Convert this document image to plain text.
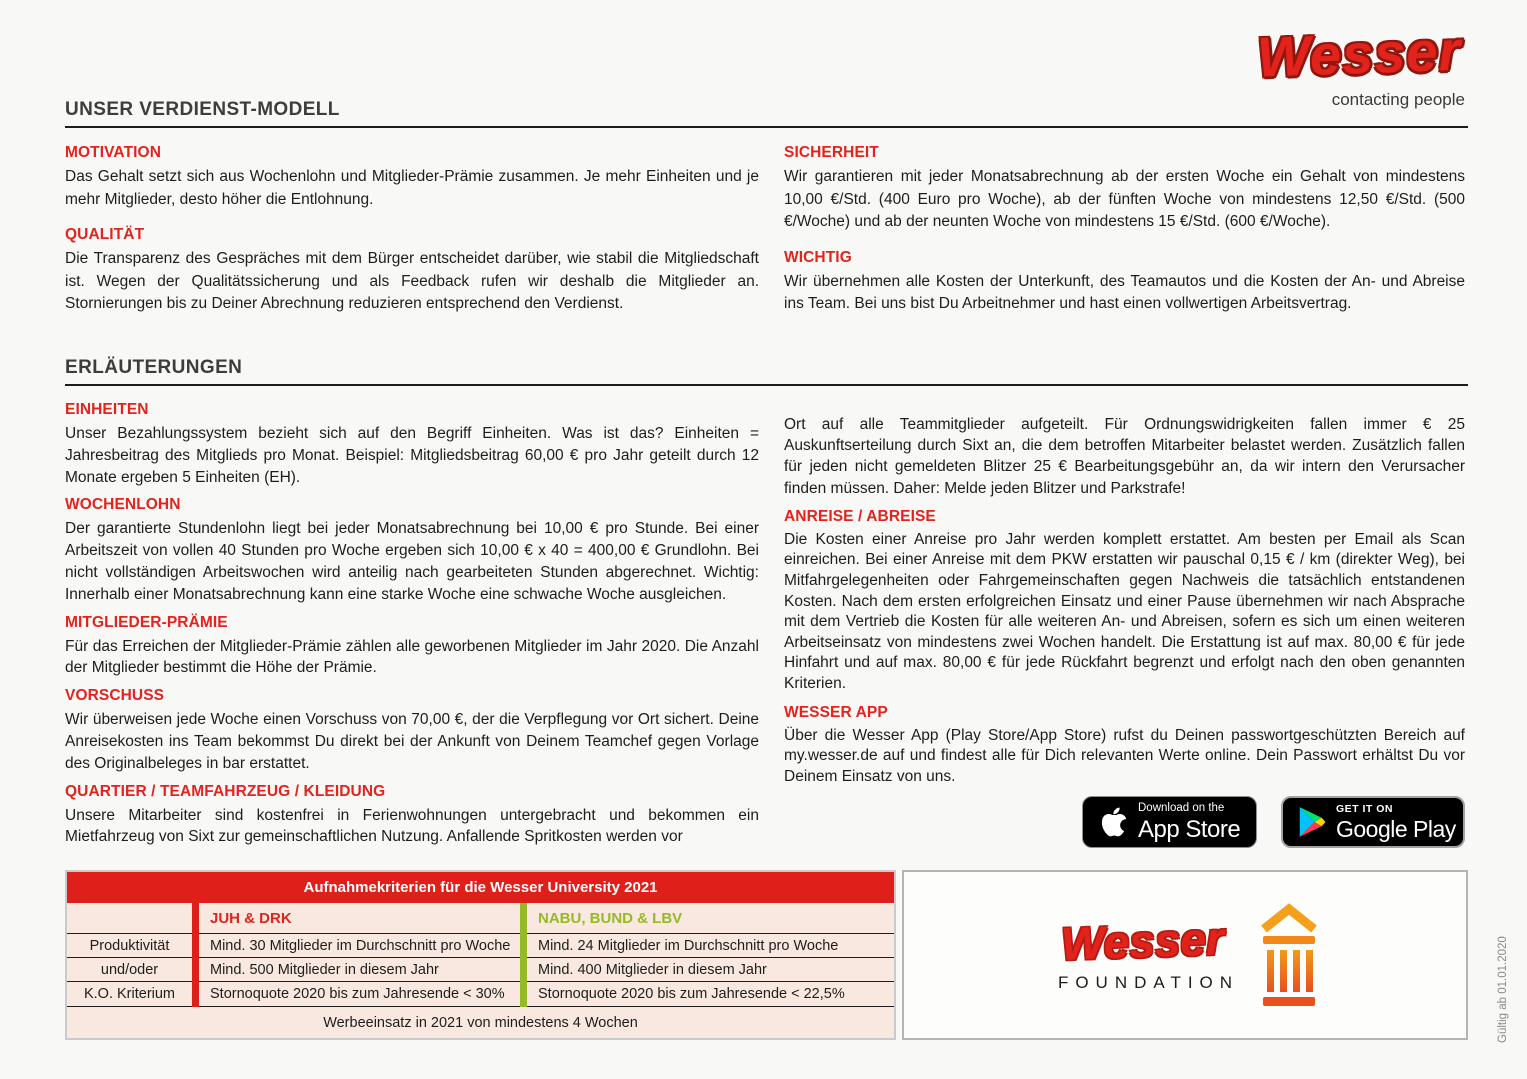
Wesser
contacting people
UNSER VERDIENST-MODELL
MOTIVATION

Das Gehalt setzt sich aus Wochenlohn und Mitglieder-Prämie zusammen. Je mehr Einheiten und je mehr Mitglieder, desto höher die Entlohnung.

QUALITÄT

Die Transparenz des Gespräches mit dem Bürger entscheidet darüber, wie stabil die Mitgliedschaft ist. Wegen der Qualitätssicherung und als Feedback rufen wir deshalb die Mitglieder an. Stornierungen bis zu Deiner Abrechnung reduzieren entsprechend den Verdienst.

SICHERHEIT

Wir garantieren mit jeder Monatsabrechnung ab der ersten Woche ein Gehalt von mindestens 10,00 €/Std. (400 Euro pro Woche), ab der fünften Woche von mindestens 12,50 €/Std. (500 €/Woche) und ab der neunten Woche von mindestens 15 €/Std. (600 €/Woche).​

WICHTIG

Wir übernehmen alle Kosten der Unterkunft, des Teamautos und die Kosten der An- und Abreise ins Team. Bei uns bist Du Arbeitnehmer und hast einen vollwertigen Arbeitsvertrag.

ERLÄUTERUNGEN
EINHEITEN

Unser Bezahlungssystem bezieht sich auf den Begriff Einheiten. Was ist das? Einheiten = Jahresbeitrag des Mitglieds pro Monat. Beispiel: Mitgliedsbeitrag 60,00 € pro Jahr geteilt durch 12 Monate ergeben 5 Einheiten (EH).

WOCHENLOHN

Der garantierte Stundenlohn liegt bei jeder Monatsabrechnung bei 10,00 € pro Stunde. Bei einer Arbeitszeit von vollen 40 Stunden pro Woche ergeben sich 10,00 € x 40 = 400,00 € Grundlohn. Bei nicht vollständigen Arbeitswochen wird anteilig nach gearbeiteten Stunden abgerechnet. Wichtig: Innerhalb einer Monatsabrechnung kann eine starke Woche eine schwache Woche ausgleichen.

MITGLIEDER-PRÄMIE

Für das Erreichen der Mitglieder-Prämie zählen alle geworbenen Mitglieder im Jahr 2020. Die Anzahl der Mitglieder bestimmt die Höhe der Prämie.

VORSCHUSS

Wir überweisen jede Woche einen Vorschuss von 70,00 €, der die Verpflegung vor Ort sichert. Deine Anreisekosten ins Team bekommst Du direkt bei der Ankunft von Deinem Teamchef gegen Vorlage des Originalbeleges in bar erstattet.

QUARTIER / TEAMFAHRZEUG / KLEIDUNG

Unsere Mitarbeiter sind kostenfrei in Ferienwohnungen untergebracht und bekommen ein Mietfahrzeug von Sixt zur gemeinschaftlichen Nutzung. Anfallende Spritkosten werden vor

Ort auf alle Teammitglieder aufgeteilt. Für Ordnungswidrigkeiten fallen immer € 25 Auskunftserteilung durch Sixt an, die dem betroffen Mitarbeiter belastet werden. Zusätzlich fallen für jeden nicht gemeldeten Blitzer 25 € Bearbeitungsgebühr an, da wir intern den Verursacher finden müssen. Daher: Melde jeden Blitzer und Parkstrafe!

ANREISE / ABREISE

Die Kosten einer Anreise pro Jahr werden komplett erstattet. Am besten per Email als Scan einreichen. Bei einer Anreise mit dem PKW erstatten wir pauschal 0,15 € / km (direkter Weg), bei Mitfahrgelegenheiten oder Fahrgemeinschaften gegen Nachweis die tatsächlich entstandenen Kosten. Nach dem ersten erfolgreichen Einsatz und einer Pause übernehmen wir nach Absprache mit dem Vertrieb die Kosten für alle weiteren An- und Abreisen, sofern es sich um einen weiteren Arbeitseinsatz von mindestens zwei Wochen handelt. Die Erstattung ist auf max. 80,00 € für jede Hinfahrt und auf max. 80,00 € für jede Rückfahrt begrenzt und erfolgt nach den oben genannten Kriterien.

WESSER APP

Über die Wesser App (Play Store/App Store) rufst du Deinen passwortgeschützten Bereich auf my.wesser.de auf und findest alle für Dich relevanten Werte online. Dein Passwort erhältst Du vor Deinem Einsatz von uns.

Download on the
App Store
GET IT ON
Google Play
Aufnahmekriterien für die Wesser University 2021
Produktivität
und/oder
K.O. Kriterium
JUH & DRK
Mind. 30 Mitglieder im Durchschnitt pro Woche
Mind. 500 Mitglieder in diesem Jahr
Stornoquote 2020 bis zum Jahresende < 30%
NABU, BUND & LBV
Mind. 24 Mitglieder im Durchschnitt pro Woche
Mind. 400 Mitglieder in diesem Jahr
Stornoquote 2020 bis zum Jahresende < 22,5%
Werbeeinsatz in 2021 von mindestens 4 Wochen
Wesser
FOUNDATION	Gültig ab 01.01.2020
